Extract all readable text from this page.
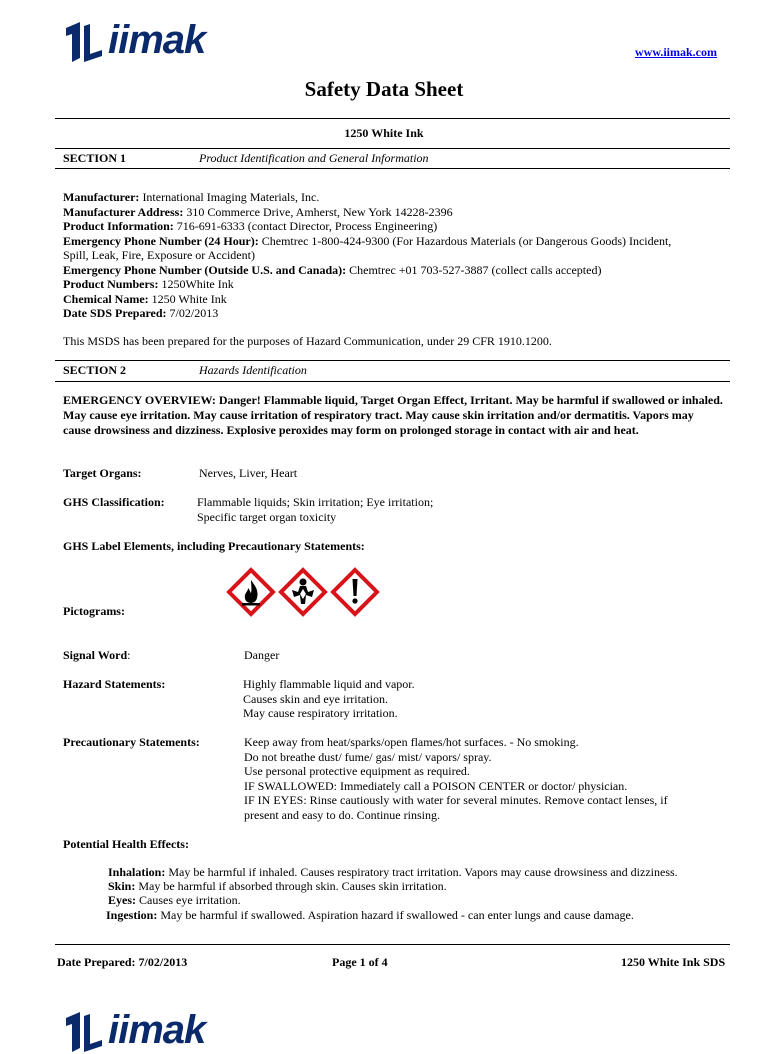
iimak	www.iimak.com
Safety Data Sheet
1250 White Ink
SECTION 1	Product Identification and General Information
Manufacturer: International Imaging Materials, Inc.
Manufacturer Address: 310 Commerce Drive, Amherst, New York 14228-2396
Product Information: 716-691-6333 (contact Director, Process Engineering)
Emergency Phone Number (24 Hour): Chemtrec 1-800-424-9300 (For Hazardous Materials (or Dangerous Goods) Incident,
Spill, Leak, Fire, Exposure or Accident)
Emergency Phone Number (Outside U.S. and Canada): Chemtrec +01 703-527-3887 (collect calls accepted)
Product Numbers: 1250White Ink
Chemical Name: 1250 White Ink
Date SDS Prepared: 7/02/2013
This MSDS has been prepared for the purposes of Hazard Communication, under 29 CFR 1910.1200.
SECTION 2	Hazards Identification
EMERGENCY OVERVIEW: Danger! Flammable liquid, Target Organ Effect, Irritant. May be harmful if swallowed or inhaled. May cause eye irritation. May cause irritation of respiratory tract. May cause skin irritation and/or dermatitis. Vapors may cause drowsiness and dizziness. Explosive peroxides may form on prolonged storage in contact with air and heat.
Target Organs:	Nerves, Liver, Heart
GHS Classification:	Flammable liquids; Skin irritation; Eye irritation;
Specific target organ toxicity
GHS Label Elements, including Precautionary Statements:
Pictograms:
Signal Word:	Danger
Hazard Statements:	Highly flammable liquid and vapor.
Causes skin and eye irritation.
May cause respiratory irritation.
Precautionary Statements:	Keep away from heat/sparks/open flames/hot surfaces. - No smoking.
Do not breathe dust/ fume/ gas/ mist/ vapors/ spray.
Use personal protective equipment as required.
IF SWALLOWED: Immediately call a POISON CENTER or doctor/ physician.
IF IN EYES: Rinse cautiously with water for several minutes. Remove contact lenses, if
present and easy to do. Continue rinsing.
Potential Health Effects:
Inhalation: May be harmful if inhaled. Causes respiratory tract irritation. Vapors may cause drowsiness and dizziness.
Skin: May be harmful if absorbed through skin. Causes skin irritation.
Eyes: Causes eye irritation.
Ingestion: May be harmful if swallowed. Aspiration hazard if swallowed - can enter lungs and cause damage.
Date Prepared: 7/02/2013	Page 1 of 4	1250 White Ink SDS
iimak
